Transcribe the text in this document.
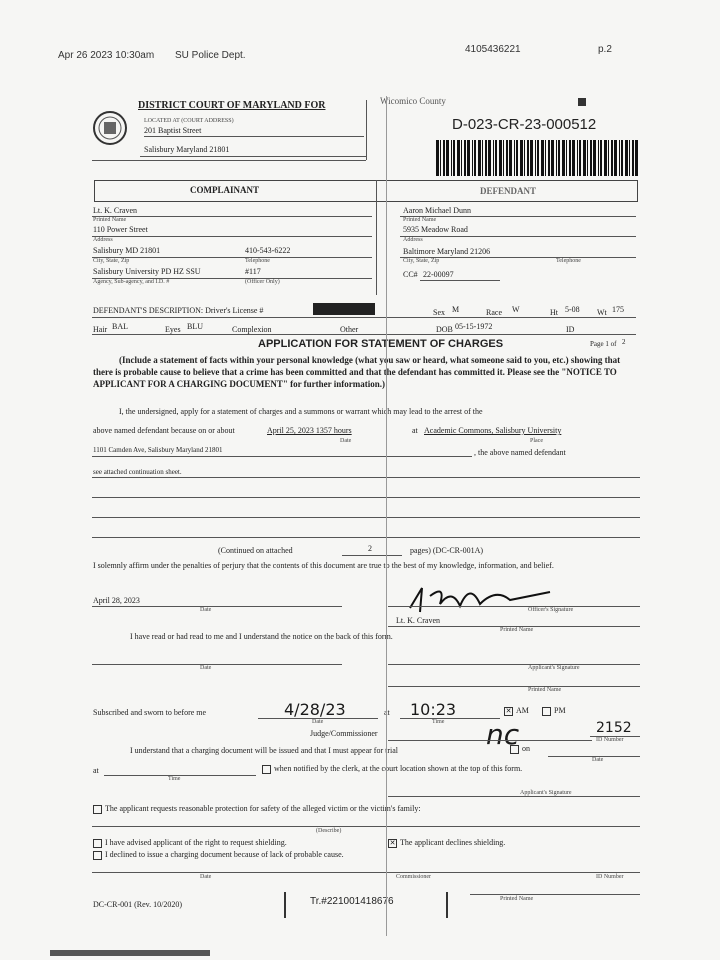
Apr 26 2023 10:30am SU Police Dept.
4105436221	p.2
DISTRICT COURT OF MARYLAND FOR	Wicomico County
LOCATED AT (COURT ADDRESS)
201 Baptist Street
Salisbury Maryland 21801
D-023-CR-23-000512
COMPLAINANT	DEFENDANT
Lt. K. Craven
Printed Name
110 Power Street
Address
Salisbury MD 21801	410-543-6222
City, State, Zip	Telephone
Salisbury University PD HZ SSU	#117
Agency, Sub-agency, and I.D. #	(Officer Only)
Aaron Michael Dunn
Printed Name
5935 Meadow Road
Address
Baltimore Maryland 21206
City, State, Zip	Telephone
CC# 22-00097
DEFENDANT'S DESCRIPTION: Driver's License #	Sex M	Race W	Ht 5-08 Wt 175
Hair BAL	Eyes BLU	Complexion	Other	DOB 05-15-1972	ID
APPLICATION FOR STATEMENT OF CHARGES	Page 1 of 2
(Include a statement of facts within your personal knowledge (what you saw or heard, what someone said to you, etc.) showing that there is probable cause to believe that a crime has been committed and that the defendant has committed it. Please see the "NOTICE TO APPLICANT FOR A CHARGING DOCUMENT" for further information.)
I, the undersigned, apply for a statement of charges and a summons or warrant which may lead to the arrest of the
above named defendant because on or about	April 25, 2023 1357 hours	at Academic Commons, Salisbury University
Date	Place
1101 Camden Ave, Salisbury Maryland 21801	, the above named defendant
see attached continuation sheet.
(Continued on attached	2	pages) (DC-CR-001A)
I solemnly affirm under the penalties of perjury that the contents of this document are true to the best of my knowledge, information, and belief.
April 28, 2023
Date	Officer's Signature
Lt. K. Craven
Printed Name
I have read or had read to me and I understand the notice on the back of this form.
Date	Applicant's Signature
Printed Name
Subscribed and sworn to before me	4/28/23
Date
at 10:23
Time
✕ AM	PM
Judge/Commissioner	nc	2152
ID Number
I understand that a charging document will be issued and that I must appear for trial	on
Date
at
Time
when notified by the clerk, at the court location shown at the top of this form.
Applicant's Signature
The applicant requests reasonable protection for safety of the alleged victim or the victim's family:
(Describe)
I have advised applicant of the right to request shielding.	✕ The applicant declines shielding.
I declined to issue a charging document because of lack of probable cause.
Date	Commissioner	ID Number
Printed Name
DC-CR-001 (Rev. 10/2020)	Tr.#221001418676
